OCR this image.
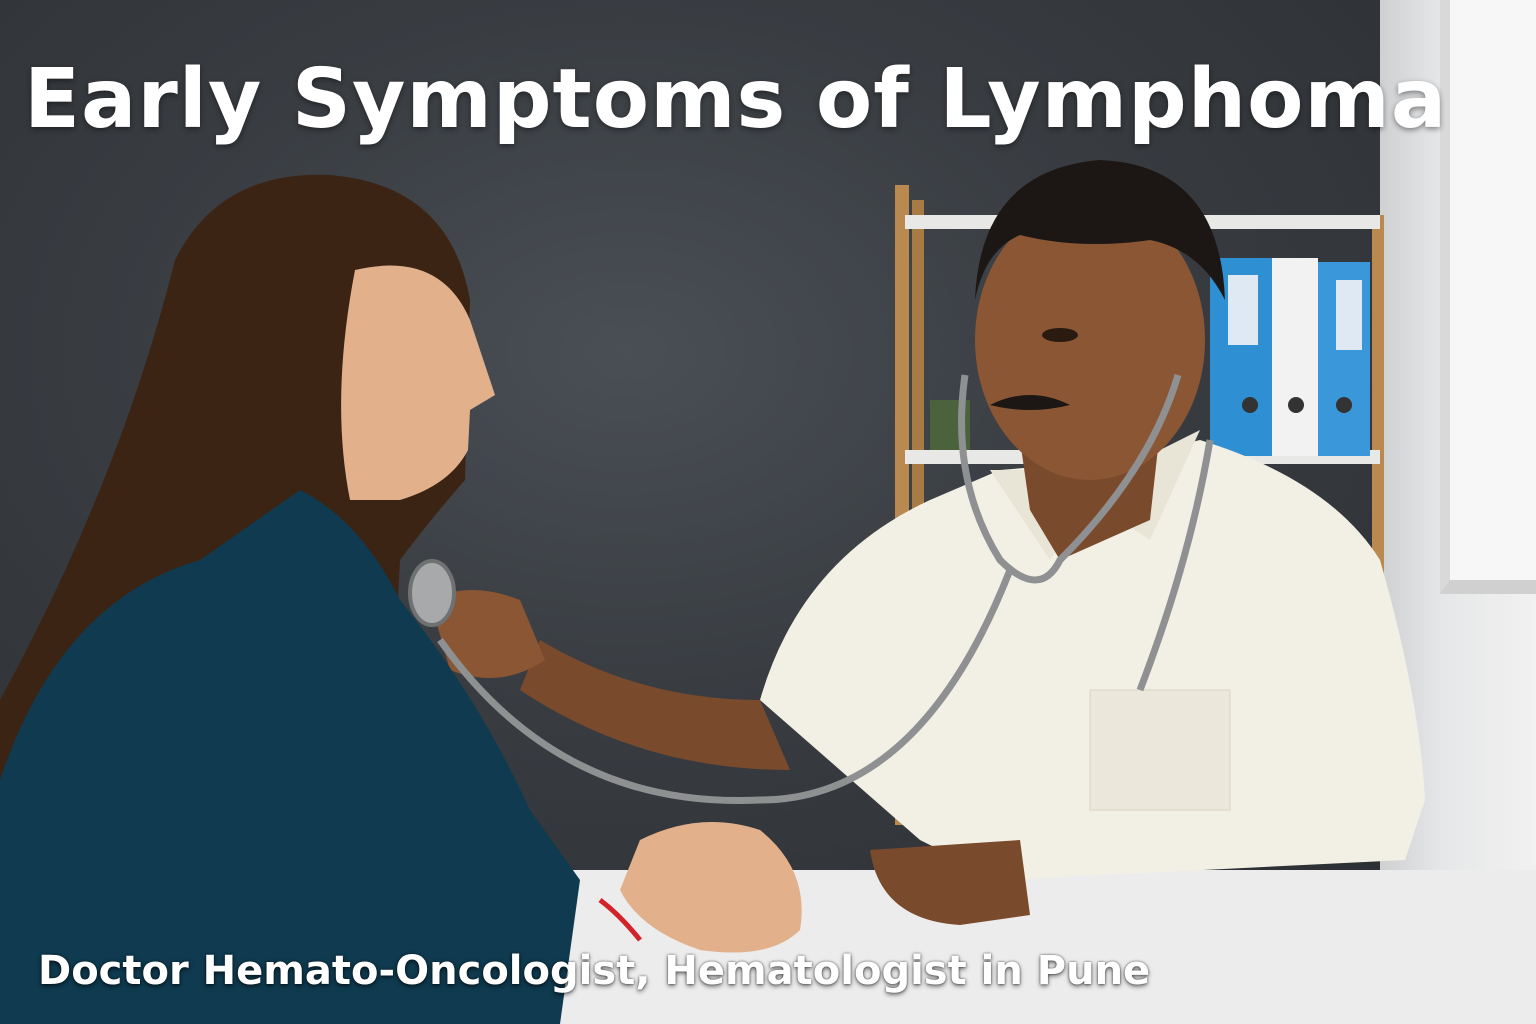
Early Symptoms of Lymphoma

Doctor Hemato-Oncologist, Hematologist in Pune
